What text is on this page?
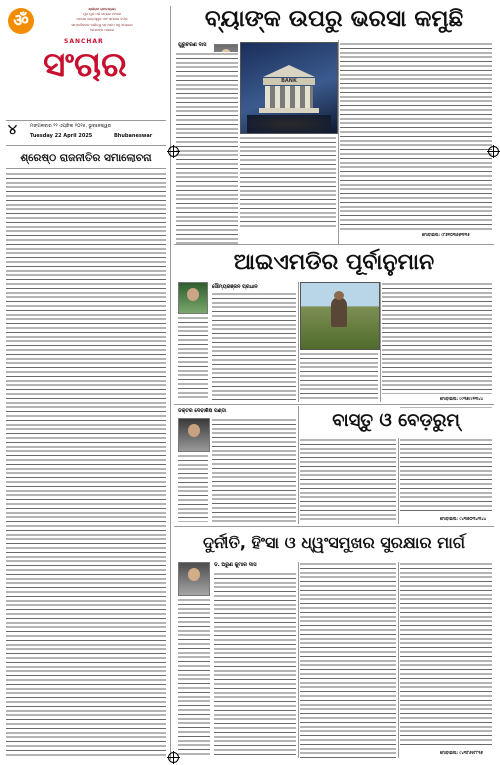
ॐ
ଶ୍ରୀରାମ ରାମଚନ୍ଦ୍ରାୟ
ଯୁଗ ଯୁଗ ଧରି ସତ୍ୟର ପଥରେ
ଜନତାର କଣ୍ଠସ୍ୱର ଏବଂ ସମାଜର ଦର୍ପଣ
ସାମ୍ବାଦିକତାର ଦାୟିତ୍ୱ ସହ ଆମେ ସବୁ ସମୟରେ
ଆପଣଙ୍କ ପାଖରେ
SANCHAR
ସଂଚାର
୪	ମଙ୍ଗଳବାର ୨୨ ଏପ୍ରିଲ ୨୦୨୫, ଭୁବନେଶ୍ୱର
Tuesday 22 April 2025	Bhubaneswar
ଶ୍ରେଷ୍ଠ ରାଜନୀତିର ସମାଲୋଚନା
ବ୍ୟାଙ୍କ ଉପରୁ ଭରସା କମୁଛି
ଗୁରୁଚରଣ ଦାସ
BANK
ମୋବାଇଲ: ୯୮୬୧୦୩୬୬୩୩୫
ଆଇଏମଡିର ପୂର୍ବାନୁମାନ
ସୌମ୍ୟରଞ୍ଜନ ପ୍ରଧାନ
ମୋବାଇଲ: ୯୯୩୭୯୯୧୩୪୪
ଡକ୍ଟର ଦେବାଶିଷ ପଣ୍ଡା	ବାସ୍ତୁ ଓ ବେଡ଼ରୁମ୍
ମୋବାଇଲ: ୯୪୩୭୦୩୪୩୪୪
ଦୁର୍ନୀତି, ହିଂସା ଓ ଧ୍ୱଂସମୁଖର ସୁରକ୍ଷାର ମାର୍ଗ
ଡ. ଅରୁଣ କୁମାର ଦାସ
ମୋବାଇଲ: ୯୪୩୮୬୫୮୮୧୬
